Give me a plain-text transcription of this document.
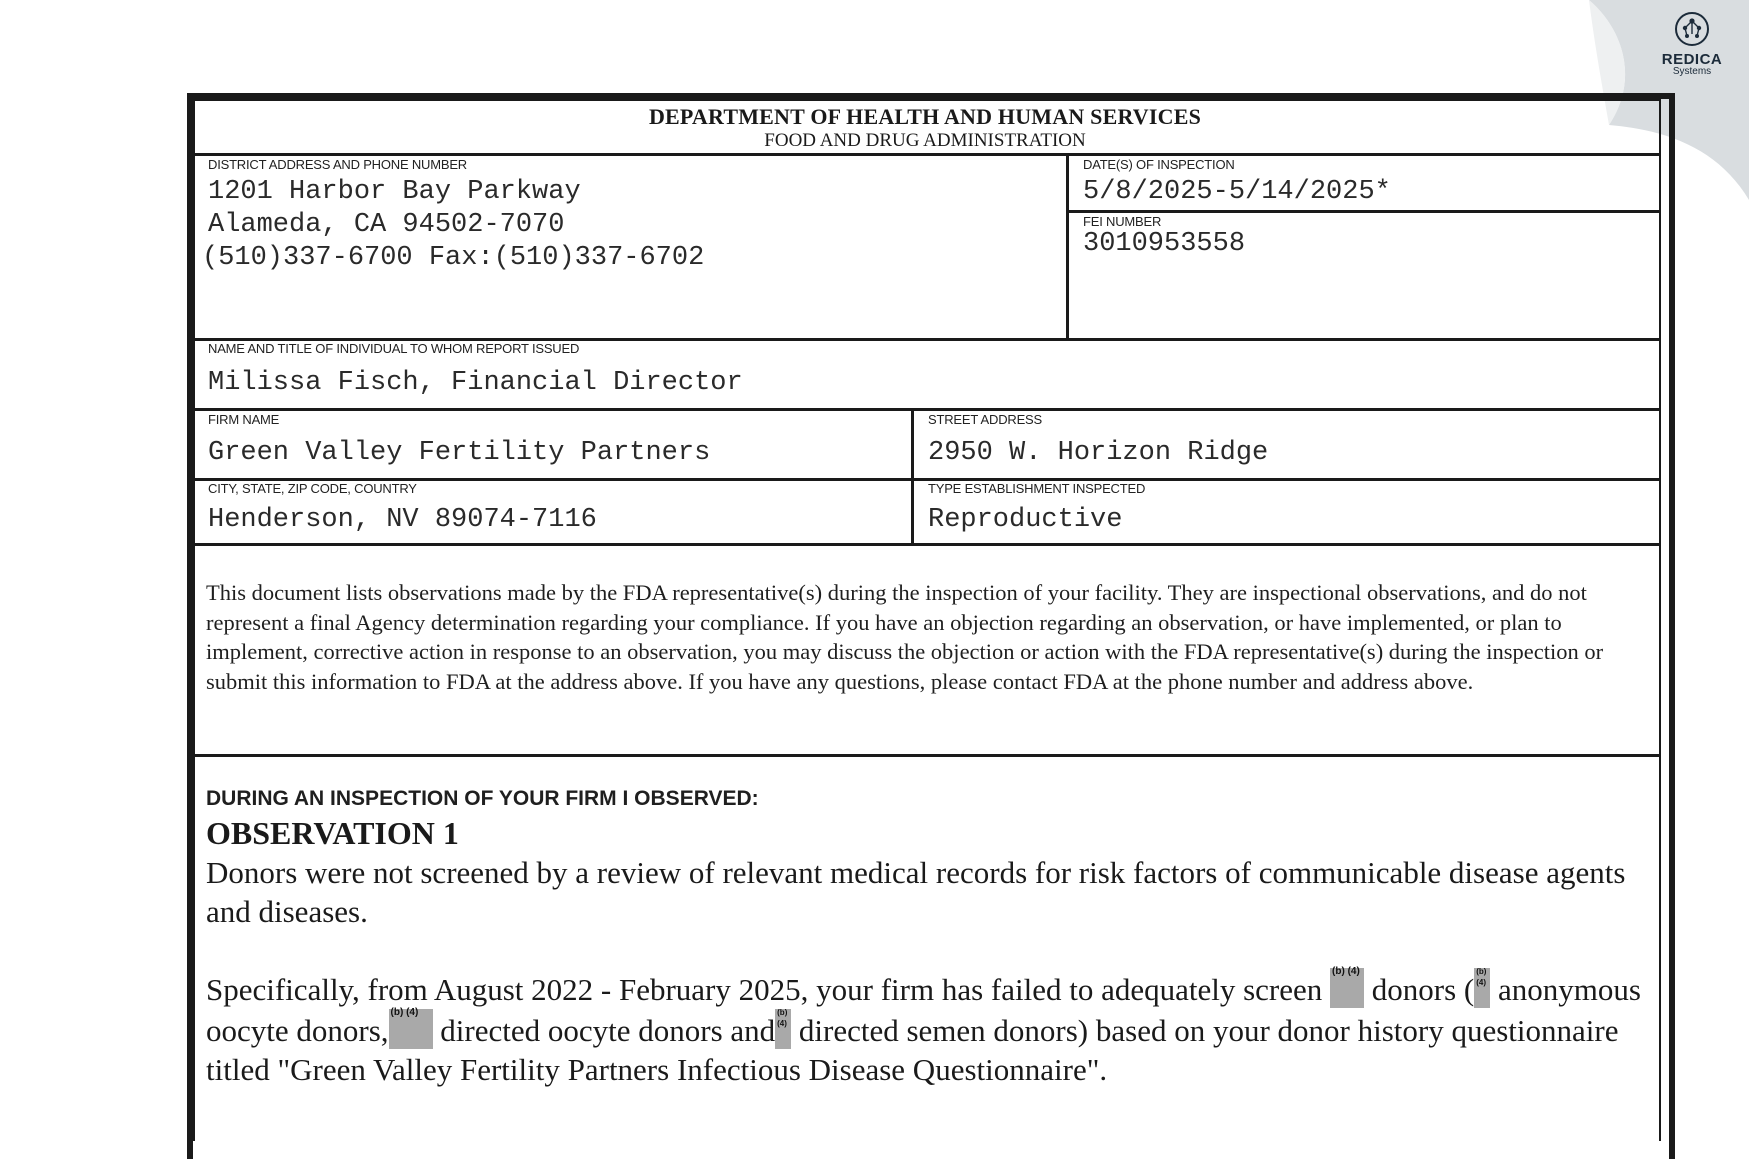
REDICA
Systems
DEPARTMENT OF HEALTH AND HUMAN SERVICES
FOOD AND DRUG ADMINISTRATION
DISTRICT ADDRESS AND PHONE NUMBER
1201 Harbor Bay Parkway
Alameda, CA 94502-7070
(510)337-6700 Fax:(510)337-6702
DATE(S) OF INSPECTION
5/8/2025-5/14/2025*
FEI NUMBER
3010953558
NAME AND TITLE OF INDIVIDUAL TO WHOM REPORT ISSUED
Milissa Fisch, Financial Director
FIRM NAME
Green Valley Fertility Partners
STREET ADDRESS
2950 W. Horizon Ridge
CITY, STATE, ZIP CODE, COUNTRY
Henderson, NV 89074-7116
TYPE ESTABLISHMENT INSPECTED
Reproductive
This document lists observations made by the FDA representative(s) during the inspection of your facility. They are inspectional observations, and do not represent a final Agency determination regarding your compliance. If you have an objection regarding an observation, or have implemented, or plan to implement, corrective action in response to an observation, you may discuss the objection or action with the FDA representative(s) during the inspection or submit this information to FDA at the address above. If you have any questions, please contact FDA at the phone number and address above.
DURING AN INSPECTION OF YOUR FIRM I OBSERVED:
OBSERVATION 1
Donors were not screened by a review of relevant medical records for risk factors of communicable disease agents and diseases.
Specifically, from August 2022 - February 2025, your firm has failed to adequately screen
(b) (4)
donors (
(b)
(4) anonymous oocyte donors,
(b) (4)
directed oocyte donors and
(b)
(4) directed semen donors) based on your donor history questionnaire titled "Green Valley Fertility Partners Infectious Disease Questionnaire".
